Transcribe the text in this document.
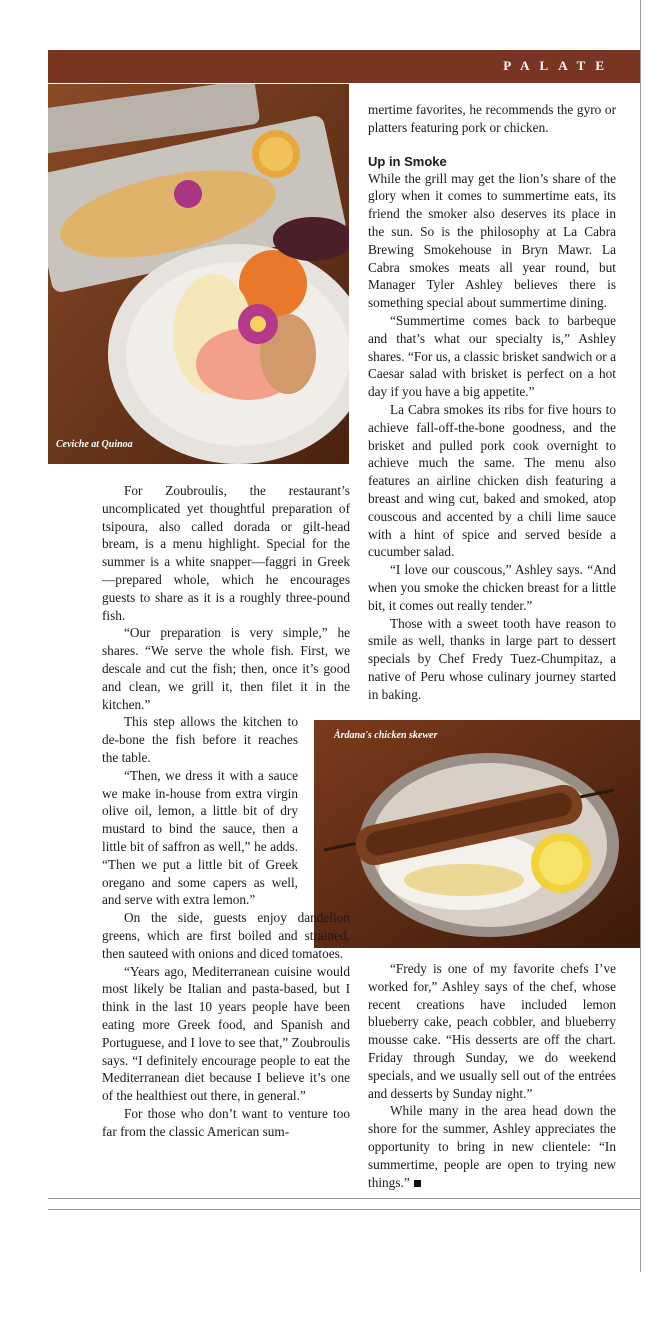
PALATE
Ceviche at Quinoa
Àrdana's chicken skewer

For Zoubroulis, the restaurant’s uncomplicated yet thoughtful preparation of tsipoura, also called dorada or gilt-head bream, is a menu highlight. Special for the summer is a white snapper—faggri in Greek—prepared whole, which he encourages guests to share as it is a roughly three-pound fish.

“Our preparation is very simple,” he shares. “We serve the whole fish. First, we descale and cut the fish; then, once it’s good and clean, we grill it, then filet it in the kitchen.”

This step allows the kitchen to de-bone the fish before it reaches the table.

“Then, we dress it with a sauce we make in-house from extra virgin olive oil, lemon, a little bit of dry mustard to bind the sauce, then a little bit of saffron as well,” he adds. “Then we put a little bit of Greek oregano and some capers as well, and serve with extra lemon.”

On the side, guests enjoy dandelion greens, which are first boiled and strained, then sauteed with onions and diced tomatoes.

“Years ago, Mediterranean cuisine would most likely be Italian and pasta-based, but I think in the last 10 years people have been eating more Greek food, and Spanish and Portuguese, and I love to see that,” Zoubroulis says. “I definitely encourage people to eat the Mediterranean diet because I believe it’s one of the healthiest out there, in general.”

For those who don’t want to venture too far from the classic American sum-

mertime favorites, he recommends the gyro or platters featuring pork or chicken.

Up in Smoke

While the grill may get the lion’s share of the glory when it comes to summertime eats, its friend the smoker also deserves its place in the sun. So is the philosophy at La Cabra Brewing Smokehouse in Bryn Mawr. La Cabra smokes meats all year round, but Manager Tyler Ashley believes there is something special about summertime dining.

“Summertime comes back to barbeque and that’s what our specialty is,” Ashley shares. “For us, a classic brisket sandwich or a Caesar salad with brisket is perfect on a hot day if you have a big appetite.”

La Cabra smokes its ribs for five hours to achieve fall-off-the-bone goodness, and the brisket and pulled pork cook overnight to achieve much the same. The menu also features an airline chicken dish featuring a breast and wing cut, baked and smoked, atop couscous and accented by a chili lime sauce with a hint of spice and served beside a cucumber salad.

“I love our couscous,” Ashley says. “And when you smoke the chicken breast for a little bit, it comes out really tender.”

Those with a sweet tooth have reason to smile as well, thanks in large part to dessert specials by Chef Fredy Tuez-Chumpitaz, a native of Peru whose culinary journey started in baking.

“Fredy is one of my favorite chefs I’ve worked for,” Ashley says of the chef, whose recent creations have included lemon blueberry cake, peach cobbler, and blueberry mousse cake. “His desserts are off the chart. Friday through Sunday, we do weekend specials, and we usually sell out of the entrées and desserts by Sunday night.”

While many in the area head down the shore for the summer, Ashley appreciates the opportunity to bring in new clientele: “In summertime, people are open to trying new things.”
